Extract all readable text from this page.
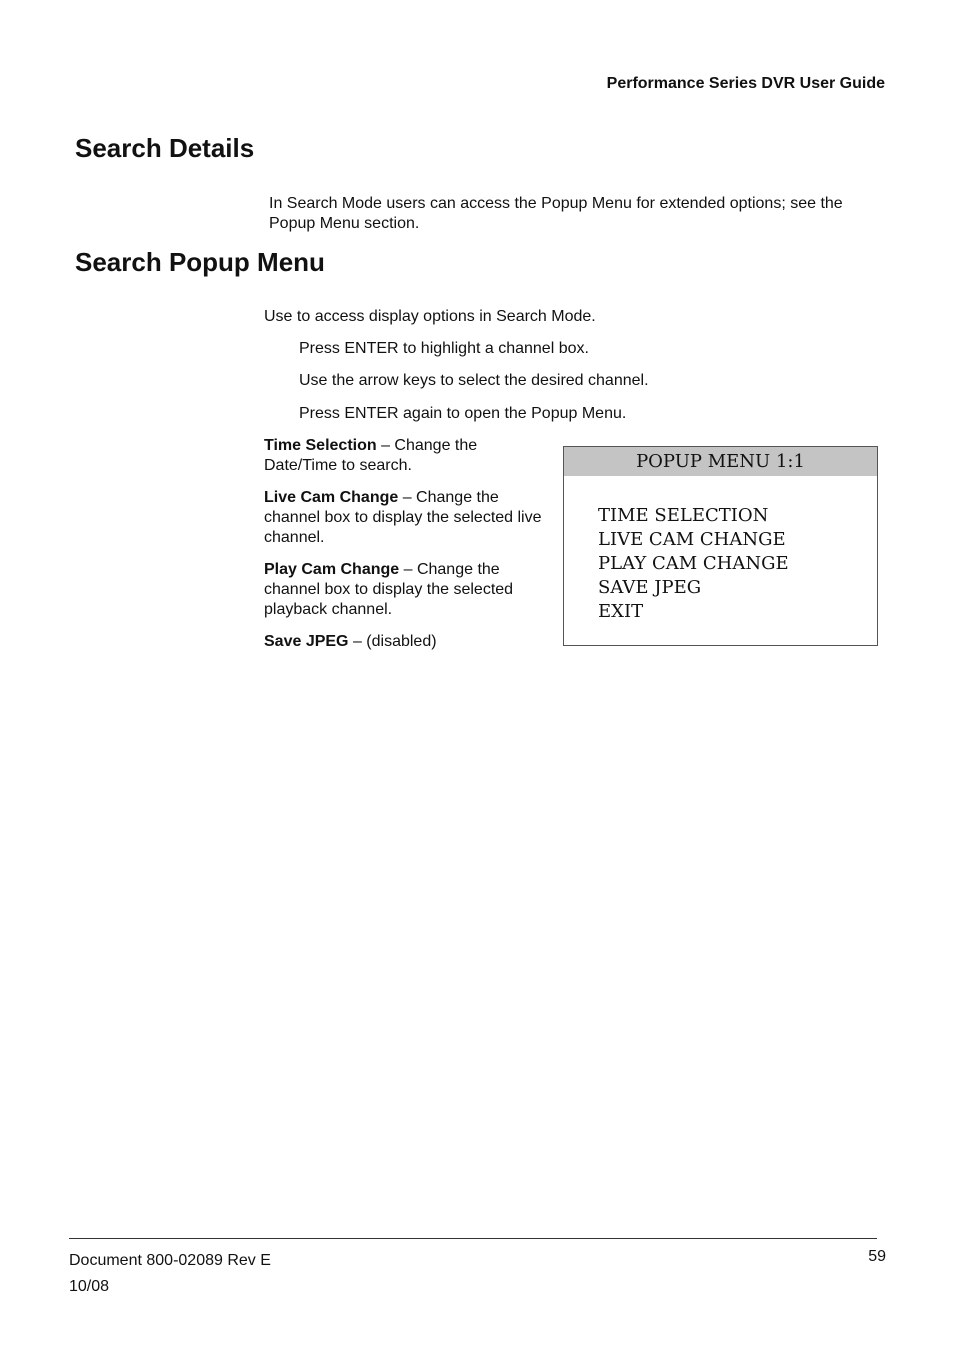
Performance Series DVR User Guide
Search Details
In Search Mode users can access the Popup Menu for extended options; see the Popup Menu section.
Search Popup Menu
Use to access display options in Search Mode.
Press ENTER to highlight a channel box.
Use the arrow keys to select the desired channel.
Press ENTER again to open the Popup Menu.

Time Selection – Change the Date/Time to search.

Live Cam Change – Change the channel box to display the selected live channel.

Play Cam Change – Change the channel box to display the selected playback channel.

Save JPEG – (disabled)

POPUP MENU 1:1
TIME SELECTION
LIVE CAM CHANGE
PLAY CAM CHANGE
SAVE JPEG
EXIT
Document 800-02089 Rev E
10/08
59
